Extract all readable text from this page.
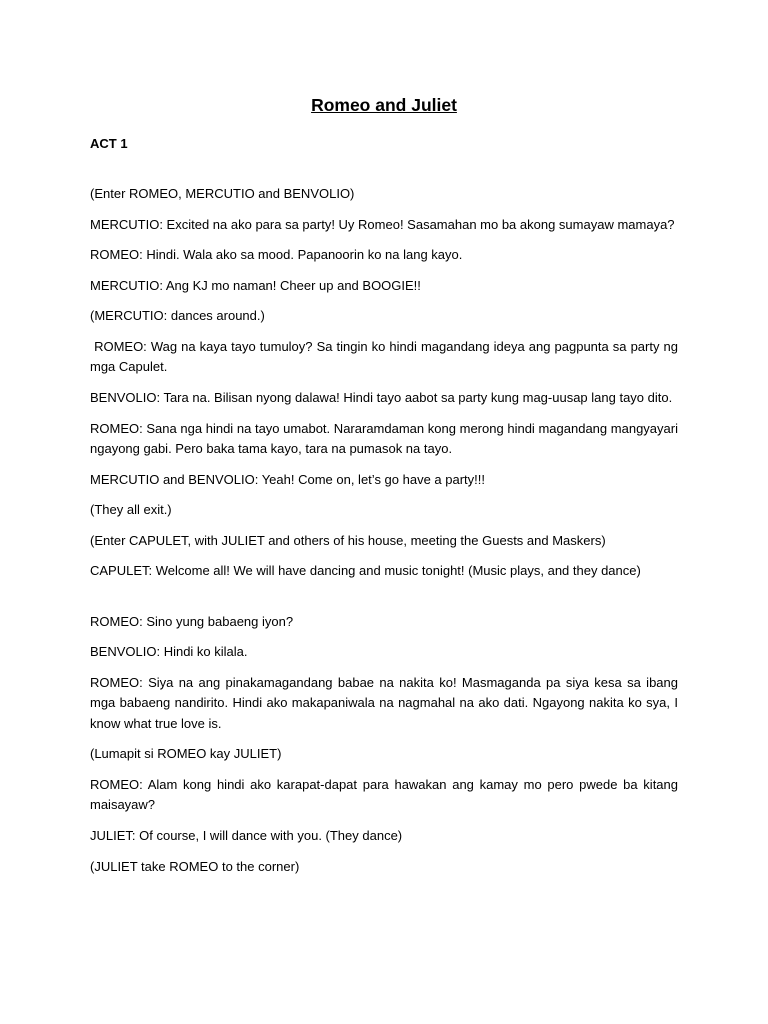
Romeo and Juliet
ACT 1
(Enter ROMEO, MERCUTIO and BENVOLIO)
MERCUTIO: Excited na ako para sa party! Uy Romeo! Sasamahan mo ba akong sumayaw mamaya?
ROMEO: Hindi. Wala ako sa mood. Papanoorin ko na lang kayo.
MERCUTIO: Ang KJ mo naman! Cheer up and BOOGIE!!
(MERCUTIO: dances around.)
ROMEO: Wag na kaya tayo tumuloy? Sa tingin ko hindi magandang ideya ang pagpunta sa party ng mga Capulet.
BENVOLIO: Tara na. Bilisan nyong dalawa! Hindi tayo aabot sa party kung mag-uusap lang tayo dito.
ROMEO: Sana nga hindi na tayo umabot. Nararamdaman kong merong hindi magandang mangyayari ngayong gabi. Pero baka tama kayo, tara na pumasok na tayo.
MERCUTIO and BENVOLIO: Yeah! Come on, let’s go have a party!!!
(They all exit.)
(Enter CAPULET, with JULIET and others of his house, meeting the Guests and Maskers)
CAPULET: Welcome all! We will have dancing and music tonight! (Music plays, and they dance)
ROMEO: Sino yung babaeng iyon?
BENVOLIO: Hindi ko kilala.
ROMEO: Siya na ang pinakamagandang babae na nakita ko! Masmaganda pa siya kesa sa ibang mga babaeng nandirito. Hindi ako makapaniwala na nagmahal na ako dati. Ngayong nakita ko sya, I know what true love is.
(Lumapit si ROMEO kay JULIET)
ROMEO: Alam kong hindi ako karapat-dapat para hawakan ang kamay mo pero pwede ba kitang maisayaw?
JULIET: Of course, I will dance with you. (They dance)
(JULIET take ROMEO to the corner)
